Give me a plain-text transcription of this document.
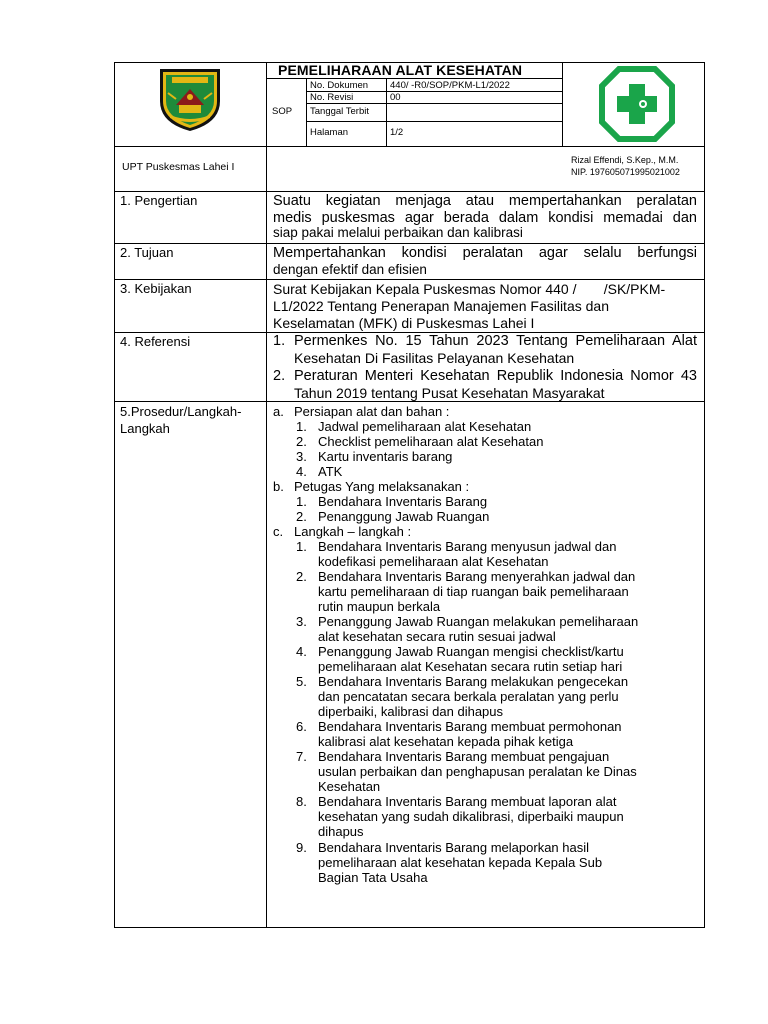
PEMELIHARAAN ALAT KESEHATAN
SOP
No. Dokumen 440/ -R0/SOP/PKM-L1/2022
No. Revisi	00
Tanggal Terbit
Halaman	1/2
UPT Puskesmas Lahei I
Rizal Effendi, S.Kep., M.M.
NIP. 197605071995021002
1. Pengertian	Suatu kegiatan menjaga atau mempertahankan peralatan
medis puskesmas agar berada dalam kondisi memadai dan
siap pakai melalui perbaikan dan kalibrasi
2. Tujuan	Mempertahankan kondisi peralatan agar selalu berfungsi
dengan efektif dan efisien
3. Kebijakan	Surat Kebijakan Kepala Puskesmas Nomor 440 /       /SK/PKM-
L1/2022 Tentang Penerapan Manajemen Fasilitas dan
Keselamatan (MFK) di Puskesmas Lahei I
4. Referensi	1. Permenkes No. 15 Tahun 2023 Tentang Pemeliharaan Alat
Kesehatan Di Fasilitas Pelayanan Kesehatan
2. Peraturan Menteri Kesehatan Republik Indonesia Nomor 43
Tahun 2019 tentang Pusat Kesehatan Masyarakat
5.Prosedur/Langkah-
Langkah
a. Persiapan alat dan bahan :
1. Jadwal pemeliharaan alat Kesehatan
2. Checklist pemeliharaan alat Kesehatan
3. Kartu inventaris barang
4. ATK
b. Petugas Yang melaksanakan :
1. Bendahara Inventaris Barang
2. Penanggung Jawab Ruangan
c. Langkah – langkah :
1. Bendahara Inventaris Barang menyusun jadwal dan
kodefikasi pemeliharaan alat Kesehatan
2. Bendahara Inventaris Barang menyerahkan jadwal dan
kartu pemeliharaan di tiap ruangan baik pemeliharaan
rutin maupun berkala
3. Penanggung Jawab Ruangan melakukan pemeliharaan
alat kesehatan secara rutin sesuai jadwal
4. Penanggung Jawab Ruangan mengisi checklist/kartu
pemeliharaan alat Kesehatan secara rutin setiap hari
5. Bendahara Inventaris Barang melakukan pengecekan
dan pencatatan secara berkala peralatan yang perlu
diperbaiki, kalibrasi dan dihapus
6. Bendahara Inventaris Barang membuat permohonan
kalibrasi alat kesehatan kepada pihak ketiga
7. Bendahara Inventaris Barang membuat pengajuan
usulan perbaikan dan penghapusan peralatan ke Dinas
Kesehatan
8. Bendahara Inventaris Barang membuat laporan alat
kesehatan yang sudah dikalibrasi, diperbaiki maupun
dihapus
9. Bendahara Inventaris Barang melaporkan hasil
pemeliharaan alat kesehatan kepada Kepala Sub
Bagian Tata Usaha
